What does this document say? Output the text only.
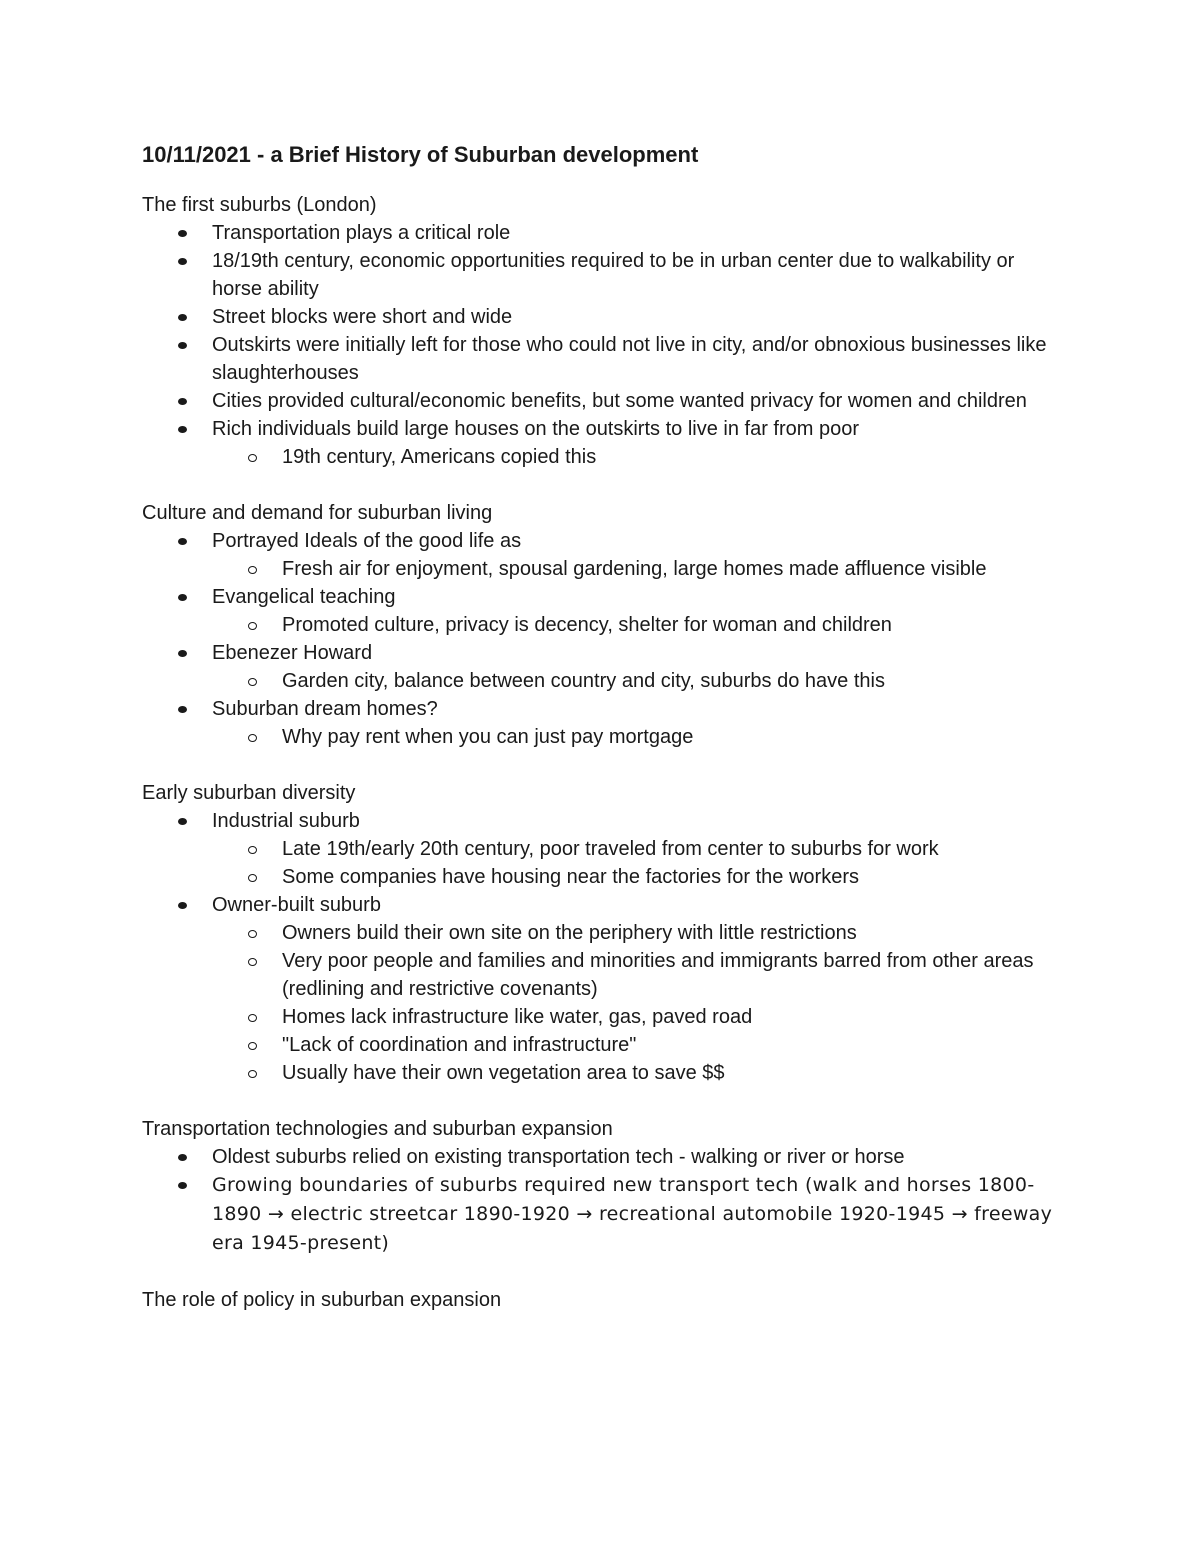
10/11/2021 - a Brief History of Suburban development
The first suburbs (London)
Transportation plays a critical role
18/19th century, economic opportunities required to be in urban center due to walkability or horse ability
Street blocks were short and wide
Outskirts were initially left for those who could not live in city, and/or obnoxious businesses like slaughterhouses
Cities provided cultural/economic benefits, but some wanted privacy for women and children
Rich individuals build large houses on the outskirts to live in far from poor
19th century, Americans copied this
Culture and demand for suburban living
Portrayed Ideals of the good life as
Fresh air for enjoyment, spousal gardening, large homes made affluence visible
Evangelical teaching
Promoted culture, privacy is decency, shelter for woman and children
Ebenezer Howard
Garden city, balance between country and city, suburbs do have this
Suburban dream homes?
Why pay rent when you can just pay mortgage
Early suburban diversity
Industrial suburb
Late 19th/early 20th century, poor traveled from center to suburbs for work
Some companies have housing near the factories for the workers
Owner-built suburb
Owners build their own site on the periphery with little restrictions
Very poor people and families and minorities and immigrants barred from other areas (redlining and restrictive covenants)
Homes lack infrastructure like water, gas, paved road
"Lack of coordination and infrastructure"
Usually have their own vegetation area to save $$
Transportation technologies and suburban expansion
Oldest suburbs relied on existing transportation tech - walking or river or horse
Growing boundaries of suburbs required new transport tech (walk and horses 1800-1890 → electric streetcar 1890-1920 → recreational automobile 1920-1945 → freeway era 1945-present)
The role of policy in suburban expansion
